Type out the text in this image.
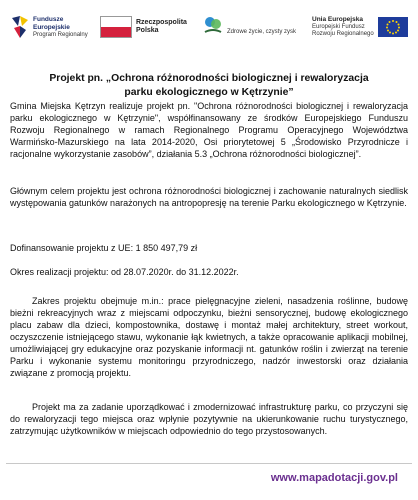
Fundusze
Europejskie
Program Regionalny
Rzeczpospolita
Polska	Zdrowe życie, czysty zysk
Unia Europejska
Europejski Fundusz
Rozwoju Regionalnego
Projekt pn. „Ochrona różnorodności biologicznej i rewaloryzacja parku ekologicznego w Kętrzynie”
Gmina Miejska Kętrzyn realizuje projekt pn. "Ochrona różnorodności biologicznej i rewaloryzacja parku ekologicznego w Kętrzynie", współfinansowany ze środków Europejskiego Funduszu Rozwoju Regionalnego w ramach Regionalnego Programu Operacyjnego Województwa Warmińsko-Mazurskiego na lata 2014-2020, Osi priorytetowej 5 „Środowisko Przyrodnicze i racjonalne wykorzystanie zasobów”, działania 5.3 „Ochrona różnorodności biologicznej”.
Głównym celem projektu jest ochrona różnorodności biologicznej i zachowanie naturalnych siedlisk występowania gatunków narażonych na antropopresję na terenie Parku ekologicznego w Kętrzynie.
Dofinansowanie projektu z UE: 1 850 497,79 zł
Okres realizacji projektu: od 28.07.2020r. do 31.12.2022r.
Zakres projektu obejmuje m.in.: prace pielęgnacyjne zieleni, nasadzenia roślinne, budowę bieżni rekreacyjnych wraz z miejscami odpoczynku, bieżni sensorycznej, budowę ekologicznego placu zabaw dla dzieci, kompostownika, dostawę i montaż małej architektury, street workout, oczyszczenie istniejącego stawu, wykonanie łąk kwietnych, a także opracowanie aplikacji mobilnej, umożliwiającej gry edukacyjne oraz pozyskanie informacji nt. gatunków roślin i zwierząt na terenie Parku i wykonanie systemu monitoringu przyrodniczego, nadzór inwestorski oraz działania związane z promocją projektu.
Projekt ma za zadanie uporządkować i zmodernizować infrastrukturę parku, co przyczyni się do rewaloryzacji tego miejsca oraz wpłynie pozytywnie na ukierunkowanie ruchu turystycznego, zatrzymując użytkowników w miejscach odpowiednio do tego przystosowanych.
www.mapadotacji.gov.pl
